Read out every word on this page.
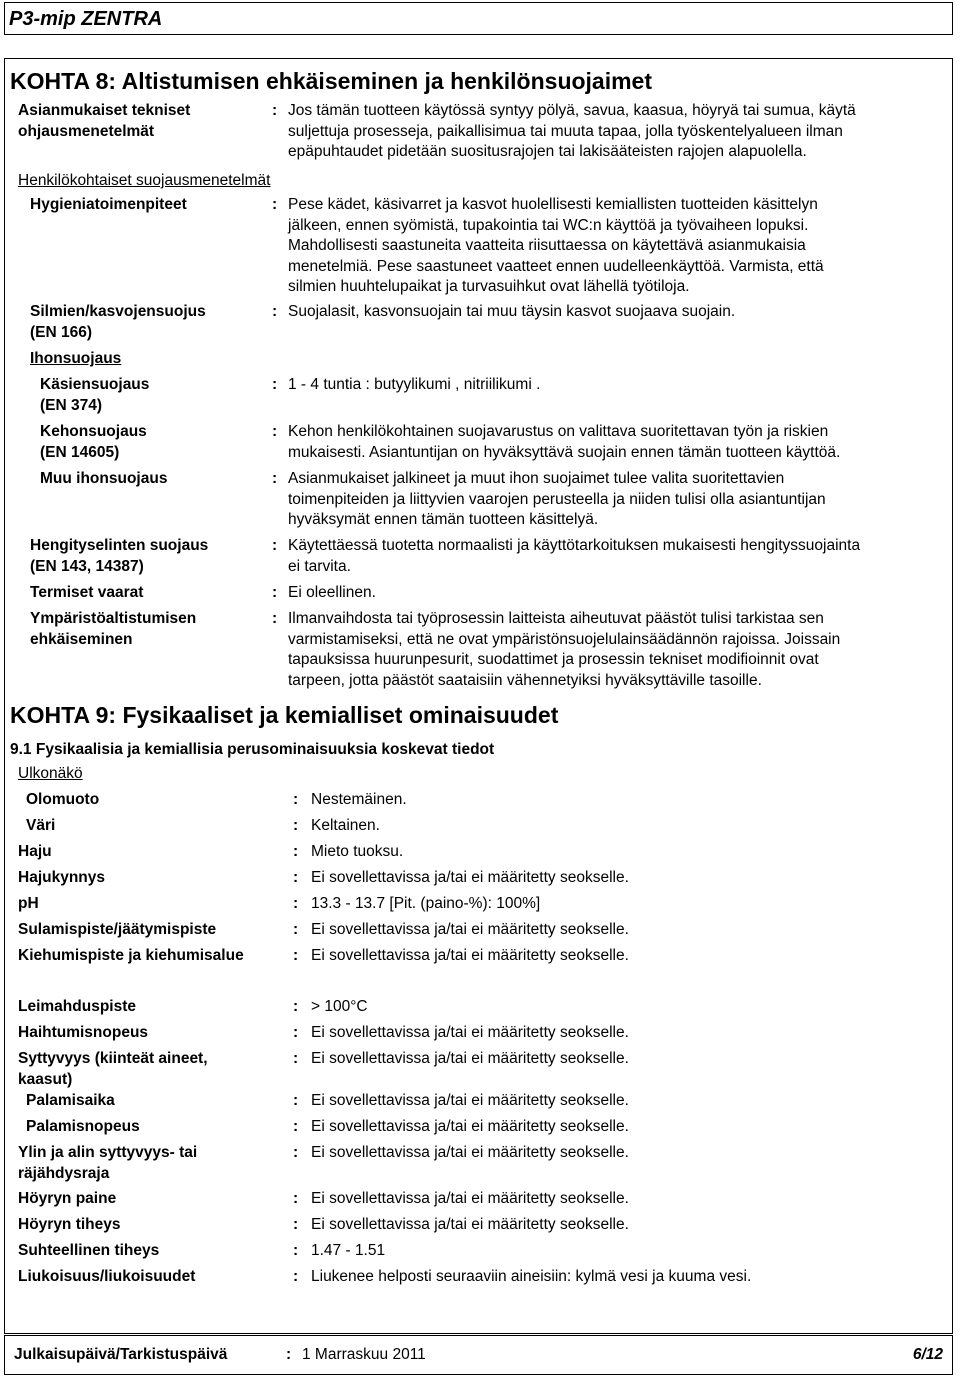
P3-mip ZENTRA
KOHTA 8: Altistumisen ehkäiseminen ja henkilönsuojaimet
Asianmukaiset tekniset
ohjausmenetelmät
: Jos tämän tuotteen käytössä syntyy pölyä, savua, kaasua, höyryä tai sumua, käytä
suljettuja prosesseja, paikallisimua tai muuta tapaa, jolla työskentelyalueen ilman
epäpuhtaudet pidetään suositusrajojen tai lakisääteisten rajojen alapuolella.
Henkilökohtaiset suojausmenetelmät
Hygieniatoimenpiteet	: Pese kädet, käsivarret ja kasvot huolellisesti kemiallisten tuotteiden käsittelyn
jälkeen, ennen syömistä, tupakointia tai WC:n käyttöä ja työvaiheen lopuksi.
Mahdollisesti saastuneita vaatteita riisuttaessa on käytettävä asianmukaisia
menetelmiä. Pese saastuneet vaatteet ennen uudelleenkäyttöä. Varmista, että
silmien huuhtelupaikat ja turvasuihkut ovat lähellä työtiloja.
Silmien/kasvojensuojus
(EN 166)
: Suojalasit, kasvonsuojain tai muu täysin kasvot suojaava suojain.
Ihonsuojaus
Käsiensuojaus
(EN 374)
: 1 - 4 tuntia : butyylikumi , nitriilikumi .
Kehonsuojaus
(EN 14605)
: Kehon henkilökohtainen suojavarustus on valittava suoritettavan työn ja riskien
mukaisesti. Asiantuntijan on hyväksyttävä suojain ennen tämän tuotteen käyttöä.
Muu ihonsuojaus	: Asianmukaiset jalkineet ja muut ihon suojaimet tulee valita suoritettavien
toimenpiteiden ja liittyvien vaarojen perusteella ja niiden tulisi olla asiantuntijan
hyväksymät ennen tämän tuotteen käsittelyä.
Hengityselinten suojaus
(EN 143, 14387)
: Käytettäessä tuotetta normaalisti ja käyttötarkoituksen mukaisesti hengityssuojainta
ei tarvita.
Termiset vaarat	: Ei oleellinen.
Ympäristöaltistumisen
ehkäiseminen
: Ilmanvaihdosta tai työprosessin laitteista aiheutuvat päästöt tulisi tarkistaa sen
varmistamiseksi, että ne ovat ympäristönsuojelulainsäädännön rajoissa. Joissain
tapauksissa huurunpesurit, suodattimet ja prosessin tekniset modifioinnit ovat
tarpeen, jotta päästöt saataisiin vähennetyiksi hyväksyttäville tasoille.
KOHTA 9: Fysikaaliset ja kemialliset ominaisuudet
9.1 Fysikaalisia ja kemiallisia perusominaisuuksia koskevat tiedot
Ulkonäkö
Olomuoto	: Nestemäinen.
Väri	: Keltainen.
Haju	: Mieto tuoksu.
Hajukynnys	: Ei sovellettavissa ja/tai ei määritetty seokselle.
pH	: 13.3 - 13.7 [Pit. (paino-%): 100%]
Sulamispiste/jäätymispiste	: Ei sovellettavissa ja/tai ei määritetty seokselle.
Kiehumispiste ja kiehumisalue	: Ei sovellettavissa ja/tai ei määritetty seokselle.
Leimahduspiste	: > 100°C
Haihtumisnopeus	: Ei sovellettavissa ja/tai ei määritetty seokselle.
Syttyvyys (kiinteät aineet,
kaasut)
: Ei sovellettavissa ja/tai ei määritetty seokselle.
Palamisaika	: Ei sovellettavissa ja/tai ei määritetty seokselle.
Palamisnopeus	: Ei sovellettavissa ja/tai ei määritetty seokselle.
Ylin ja alin syttyvyys- tai
räjähdysraja
: Ei sovellettavissa ja/tai ei määritetty seokselle.
Höyryn paine	: Ei sovellettavissa ja/tai ei määritetty seokselle.
Höyryn tiheys	: Ei sovellettavissa ja/tai ei määritetty seokselle.
Suhteellinen tiheys	: 1.47 - 1.51
Liukoisuus/liukoisuudet	: Liukenee helposti seuraaviin aineisiin: kylmä vesi ja kuuma vesi.
Julkaisupäivä/Tarkistuspäivä	: 1 Marraskuu 2011	6/12
